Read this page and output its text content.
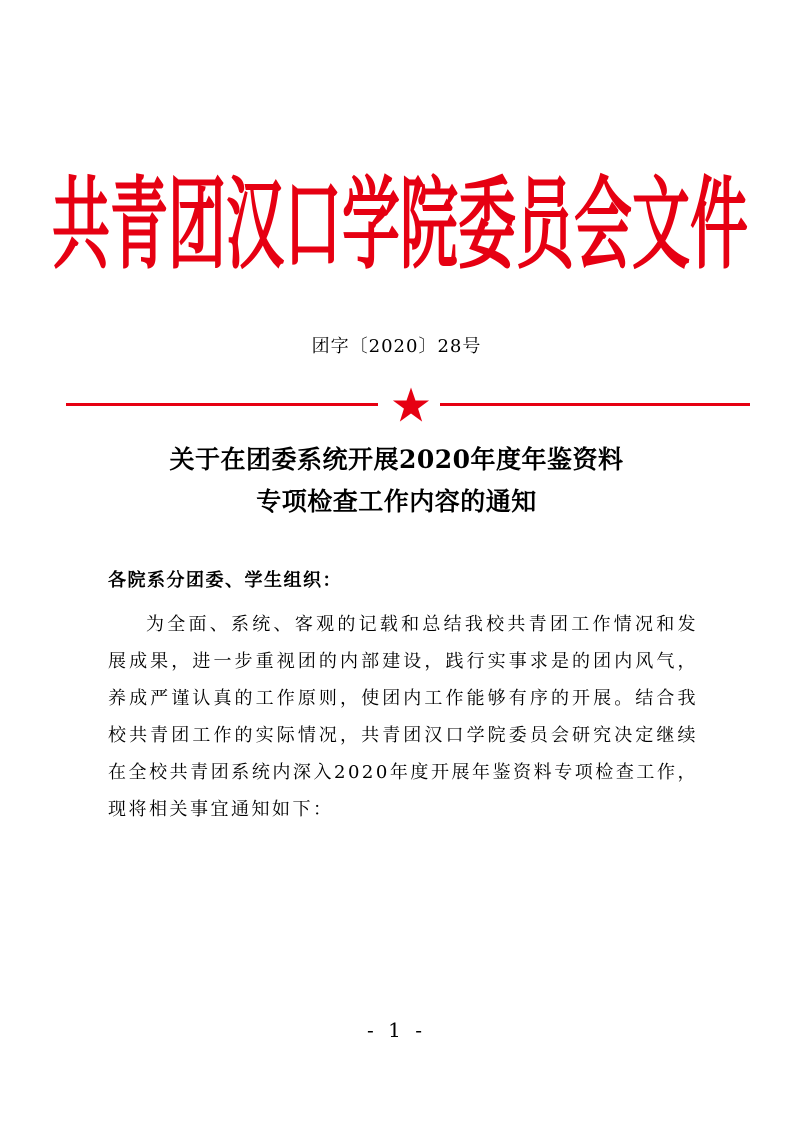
共青团汉口学院委员会文件
团字〔2020〕28号
关于在团委系统开展2020年度年鉴资料
专项检查工作内容的通知
各院系分团委、学生组织：

为全面、系统、客观的记载和总结我校共青团工作情况和发展成果，进一步重视团的内部建设，践行实事求是的团内风气，养成严谨认真的工作原则，使团内工作能够有序的开展。结合我校共青团工作的实际情况，共青团汉口学院委员会研究决定继续在全校共青团系统内深入2020年度开展年鉴资料专项检查工作，现将相关事宜通知如下：

- 1 -
